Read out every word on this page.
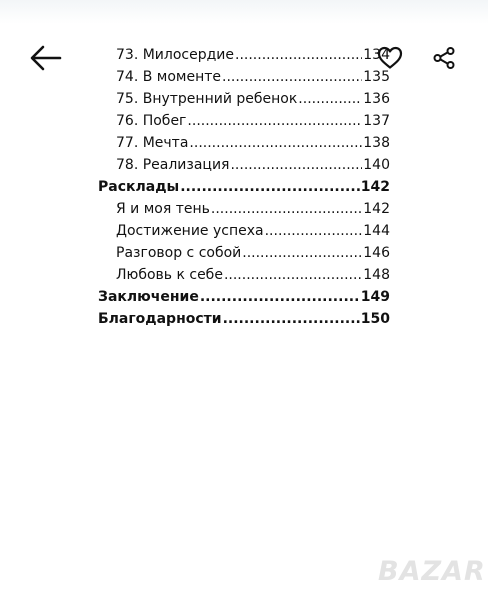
73. Милосердие .....	134
74. В моменте .....	135
75. Внутренний ребенок .....	136
76. Побег .....	137
77. Мечта .....	138
78. Реализация .....	140
Расклады .....	142
Я и моя тень .....	142
Достижение успеха .....	144
Разговор с собой .....	146
Любовь к себе .....	148
Заключение .....	149
Благодарности .....	150
BAZAR
